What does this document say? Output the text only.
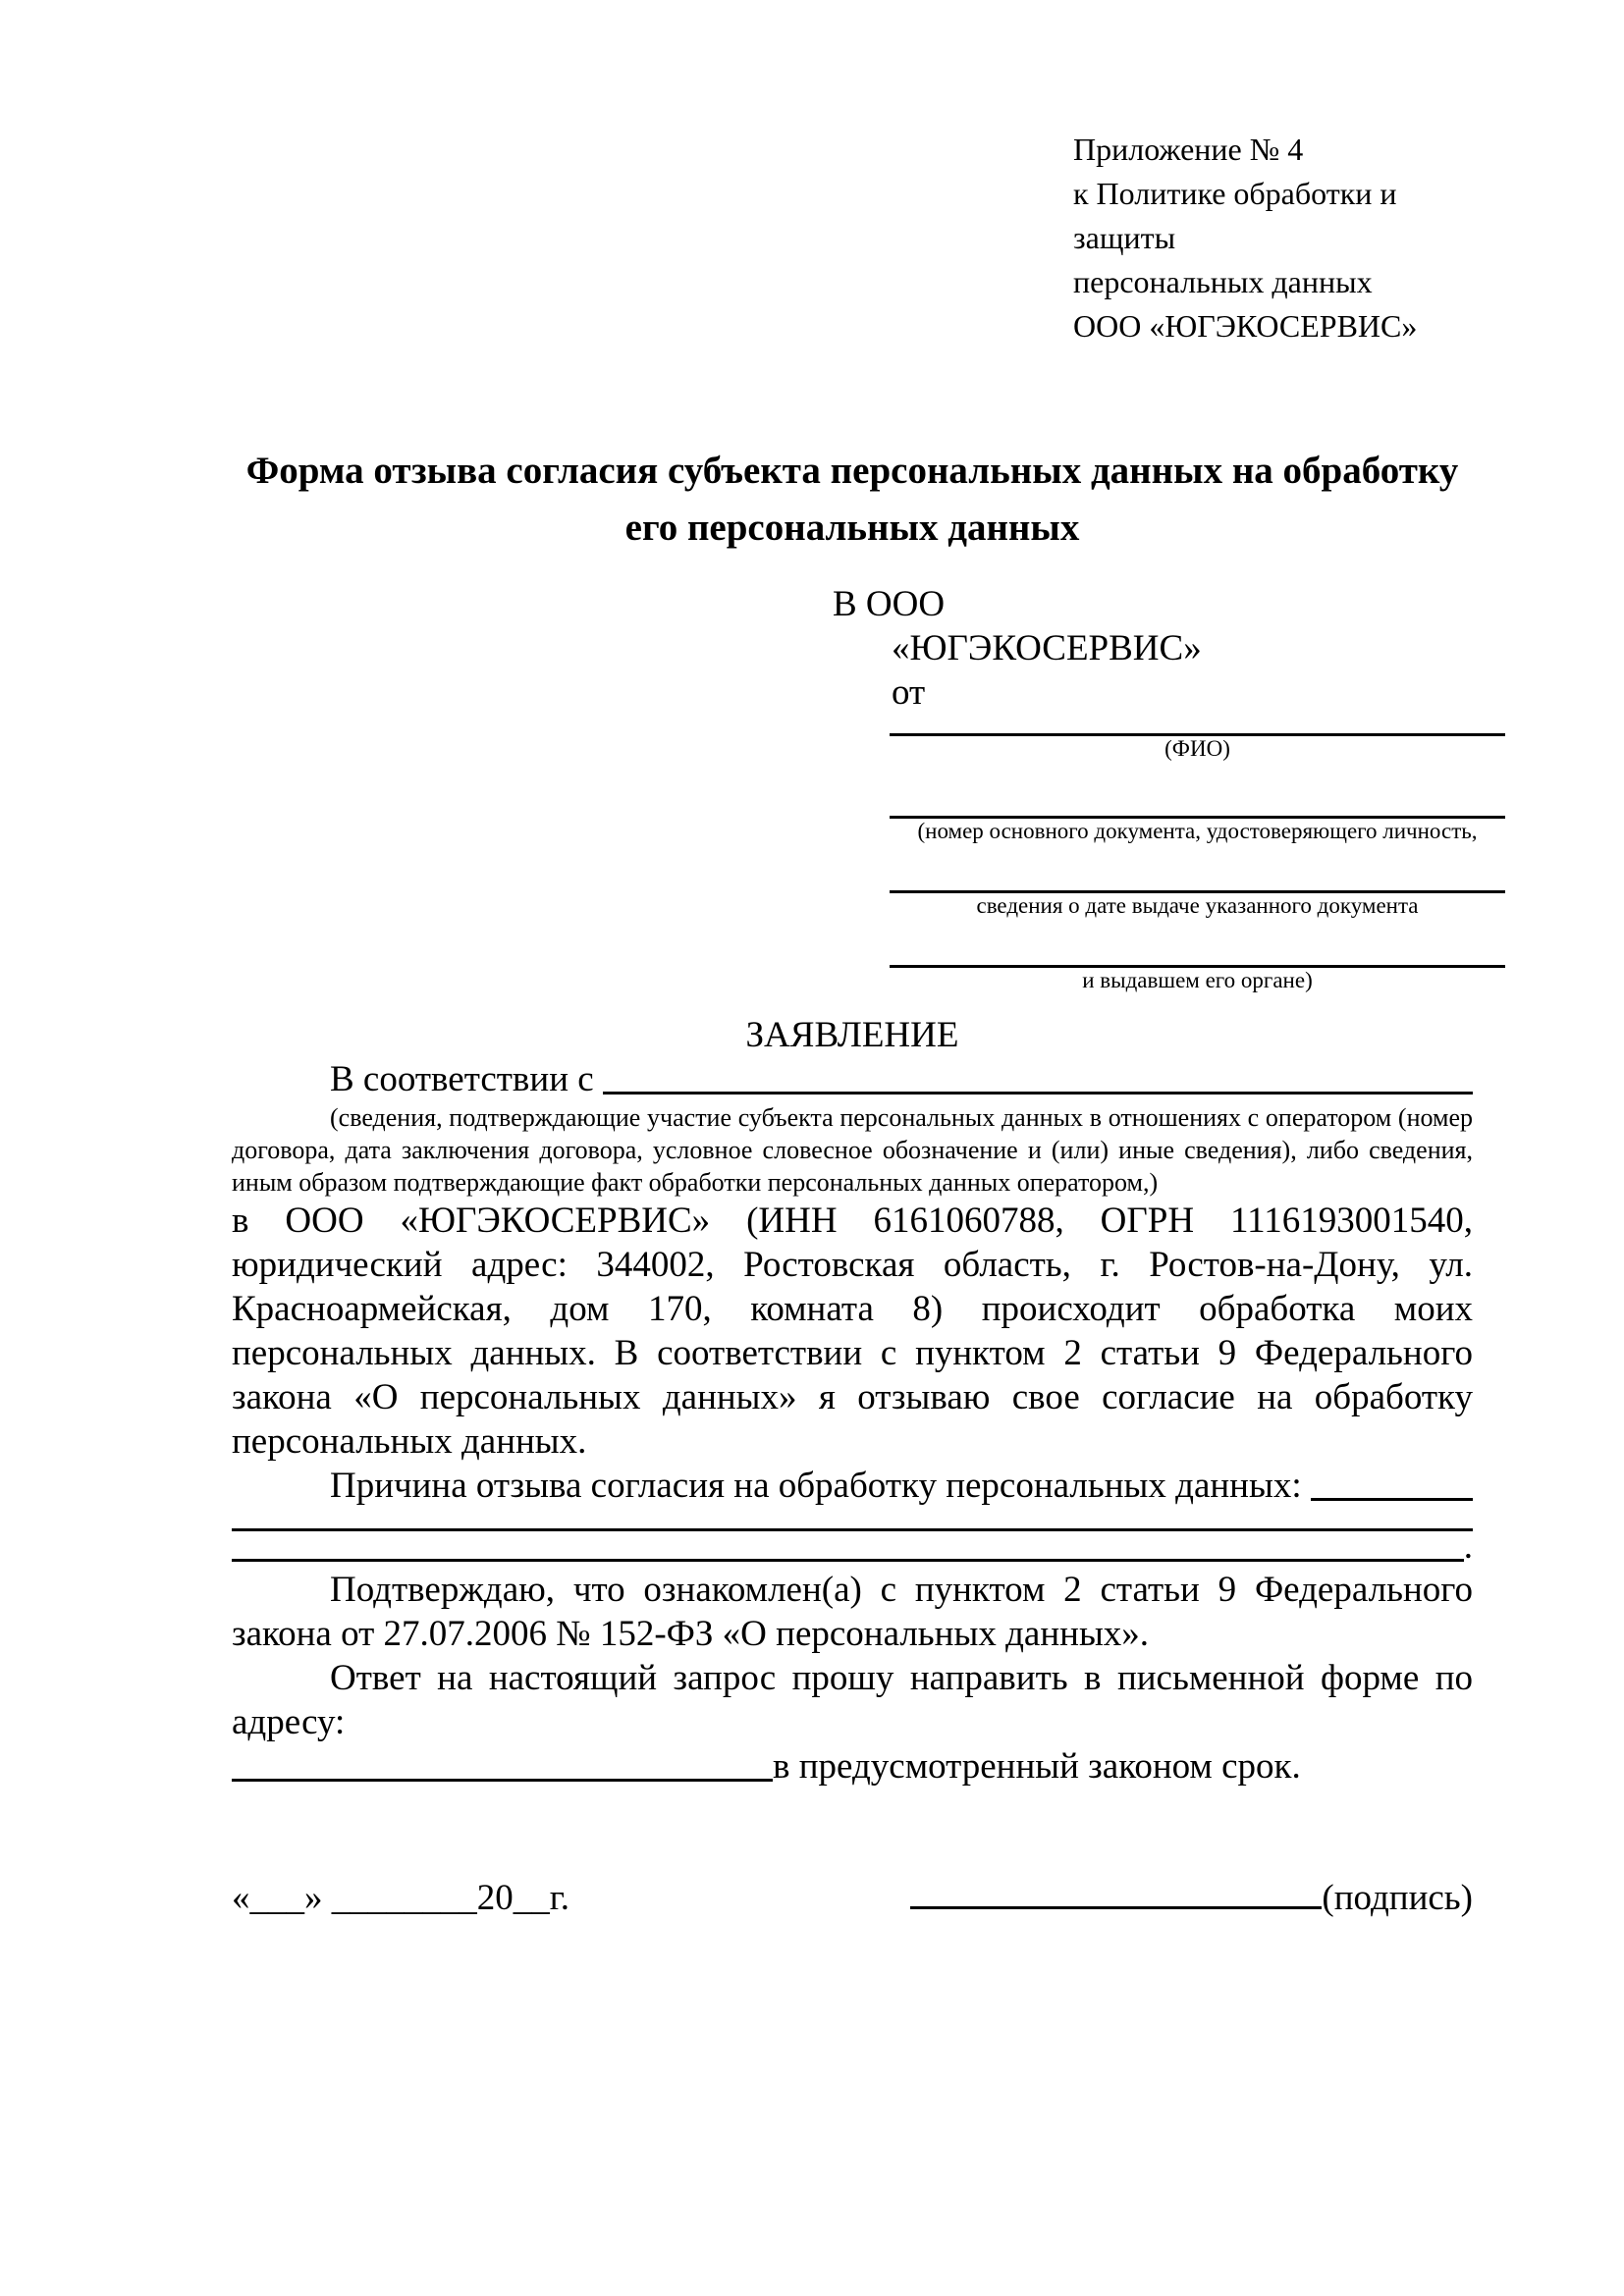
Приложение № 4
к Политике обработки и защиты
персональных данных
ООО «ЮГЭКОСЕРВИС»
Форма отзыва согласия субъекта персональных данных на обработку его персональных данных
В ООО
«ЮГЭКОСЕРВИС»
от
(ФИО)
(номер основного документа, удостоверяющего личность,
сведения о дате выдаче указанного документа
и выдавшем его органе)
ЗАЯВЛЕНИЕ
В соответствии с
(сведения, подтверждающие участие субъекта персональных данных в отношениях с оператором (номер договора, дата заключения договора, условное словесное обозначение и (или) иные сведения), либо сведения, иным образом подтверждающие факт обработки персональных данных оператором,)
в ООО «ЮГЭКОСЕРВИС» (ИНН 6161060788, ОГРН 1116193001540, юридический адрес: 344002, Ростовская область, г. Ростов-на-Дону, ул. Красноармейская, дом 170, комната 8) происходит обработка моих персональных данных. В соответствии с пунктом 2 статьи 9 Федерального закона «О персональных данных» я отзываю свое согласие на обработку персональных данных.
Причина отзыва согласия на обработку персональных данных:
.
Подтверждаю, что ознакомлен(а) с пунктом 2 статьи 9 Федерального закона от 27.07.2006 № 152-ФЗ «О персональных данных».
Ответ на настоящий запрос прошу направить в письменной форме по адресу:
в предусмотренный законом срок.
«___» ________20__г.	(подпись)
